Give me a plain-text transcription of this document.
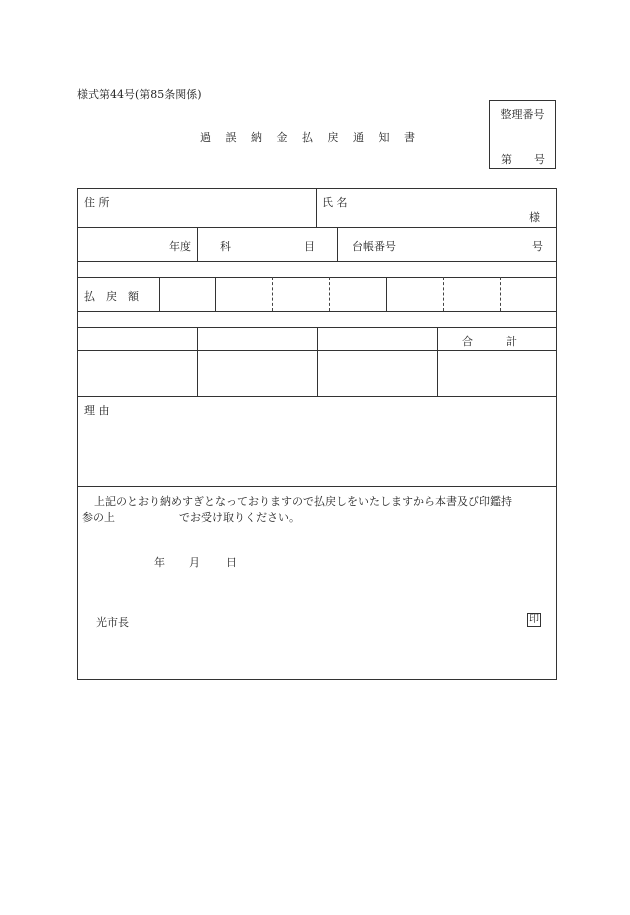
様式第44号(第85条関係)
過 誤 納 金 払 戻 通 知 書
整理番号
第 号
住 所	氏 名
様
年度	科	目	台帳番号	号
払　戻　額
合　　　計
理 由
上記のとおり納めすぎとなっておりますので払戻しをいたしますから本書及び印鑑持
参の上	でお受け取りください。
年 月 日
光市長	印
